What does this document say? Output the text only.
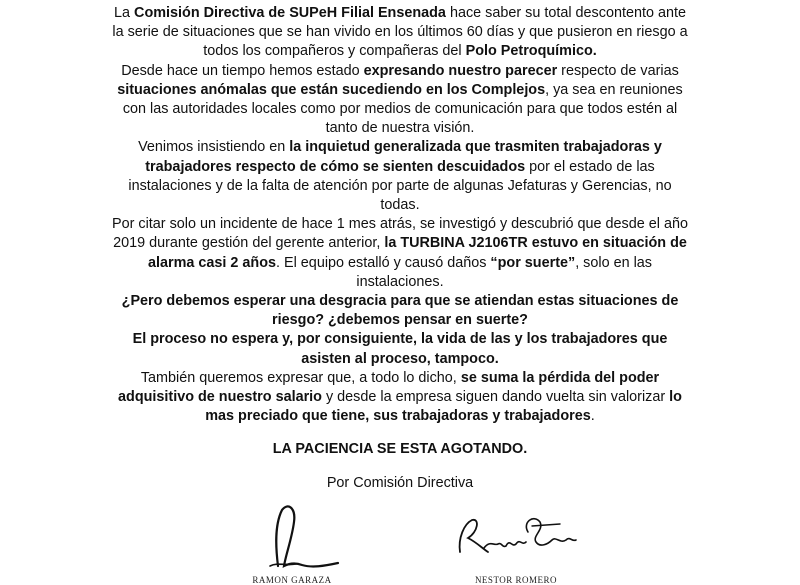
La Comisión Directiva de SUPeH Filial Ensenada hace saber su total descontento ante la serie de situaciones que se han vivido en los últimos 60 días y que pusieron en riesgo a todos los compañeros y compañeras del Polo Petroquímico.

Desde hace un tiempo hemos estado expresando nuestro parecer respecto de varias situaciones anómalas que están sucediendo en los Complejos, ya sea en reuniones con las autoridades locales como por medios de comunicación para que todos estén al tanto de nuestra visión.

Venimos insistiendo en la inquietud generalizada que trasmiten trabajadoras y trabajadores respecto de cómo se sienten descuidados por el estado de las instalaciones y de la falta de atención por parte de algunas Jefaturas y Gerencias, no todas.

Por citar solo un incidente de hace 1 mes atrás, se investigó y descubrió que desde el año 2019 durante gestión del gerente anterior, la TURBINA J2106TR estuvo en situación de alarma casi 2 años. El equipo estalló y causó daños “por suerte”, solo en las instalaciones.

¿Pero debemos esperar una desgracia para que se atiendan estas situaciones de riesgo? ¿debemos pensar en suerte?

El proceso no espera y, por consiguiente, la vida de las y los trabajadores que asisten al proceso, tampoco.

También queremos expresar que, a todo lo dicho, se suma la pérdida del poder adquisitivo de nuestro salario y desde la empresa siguen dando vuelta sin valorizar lo mas preciado que tiene, sus trabajadoras y trabajadores.

LA PACIENCIA SE ESTA AGOTANDO.

Por Comisión Directiva

RAMON GARAZA	NESTOR ROMERO
